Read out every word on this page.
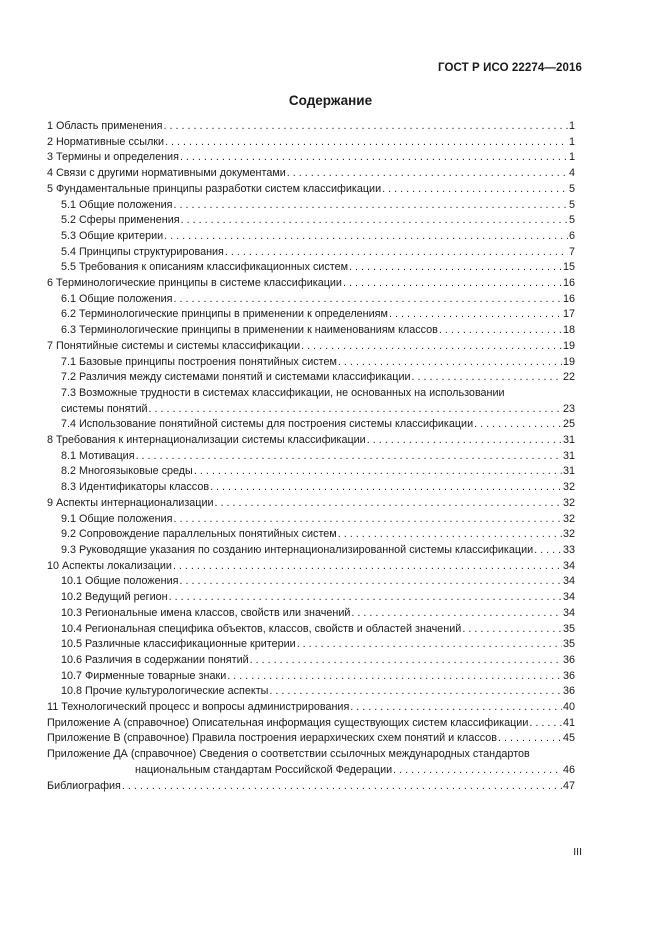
ГОСТ Р ИСО 22274—2016
Содержание
1 Область применения . . .	1
2 Нормативные ссылки . . .	1
3 Термины и определения . . .	1
4 Связи с другими нормативными документами . . .	4
5 Фундаментальные принципы разработки систем классификации . . .	5
5.1 Общие положения . . .	5
5.2 Сферы применения . . .	5
5.3 Общие критерии . . .	6
5.4 Принципы структурирования . . .	7
5.5 Требования к описаниям классификационных систем . . .	15
6 Терминологические принципы в системе классификации . . .	16
6.1 Общие положения . . .	16
6.2 Терминологические принципы в применении к определениям . . .	17
6.3 Терминологические принципы в применении к наименованиям классов . . .	18
7 Понятийные системы и системы классификации . . .	19
7.1 Базовые принципы построения понятийных систем . . .	19
7.2 Различия между системами понятий и системами классификации . . .	22
7.3 Возможные трудности в системах классификации, не основанных на использовании
системы понятий . . .	23
7.4 Использование понятийной системы для построения системы классификации . . .	25
8 Требования к интернационализации системы классификации . . .	31
8.1 Мотивация . . .	31
8.2 Многоязыковые среды . . .	31
8.3 Идентификаторы классов . . .	32
9 Аспекты интернационализации . . .	32
9.1 Общие положения . . .	32
9.2 Сопровождение параллельных понятийных систем . . .	32
9.3 Руководящие указания по созданию интернационализированной системы классификации . . .	33
10 Аспекты локализации . . .	34
10.1 Общие положения . . .	34
10.2 Ведущий регион . . .	34
10.3 Региональные имена классов, свойств или значений . . .	34
10.4 Региональная специфика объектов, классов, свойств и областей значений . . .	35
10.5 Различные классификационные критерии . . .	35
10.6 Различия в содержании понятий . . .	36
10.7 Фирменные товарные знаки . . .	36
10.8 Прочие культурологические аспекты . . .	36
11 Технологический процесс и вопросы администрирования . . .	40
Приложение А (справочное) Описательная информация существующих систем классификации . . .	41
Приложение В (справочное) Правила построения иерархических схем понятий и классов . . .	45
Приложение ДА (справочное) Сведения о соответствии ссылочных международных стандартов
национальным стандартам Российской Федерации . . .	46
Библиография . . .	47
III
